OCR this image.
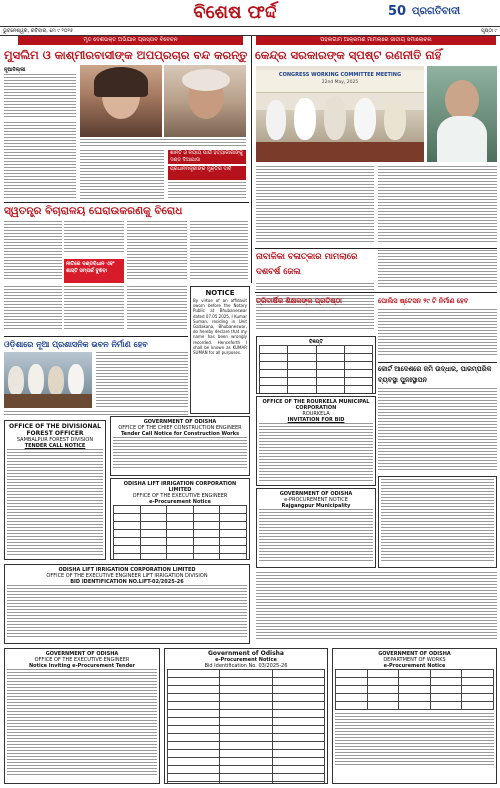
ବିଶେଷ ଫର୍ଦ୍ଦ	50 ପ୍ରଗତିବାଦୀ
ଭୁବନେଶ୍ୱର, ରବିବାର, ମେ ୯ ୨୦୨୫	ପୃଷ୍ଠା ୯
ମୃତ ଦେଶଭକ୍ତ ଅଭିଯାନ ପ୍ରସ୍ତାବ ବିବେଚନ	ପହଲଗାମ ଆକ୍ରମଣ ମାମଲାରେ ଜାତୀୟ ସମାଲୋଚନା
ମୁସଲିମ ଓ କାଶ୍ମୀରବାସୀଙ୍କ ଅପପ୍ରଚାର ବନ୍ଦ କରନ୍ତୁ କେନ୍ଦ୍ର ସରକାରଙ୍କ ସ୍ପଷ୍ଟ ରଣନୀତି ନାହିଁ
ନୂଆଦିଲ୍ଲୀ
ଶାନ୍ତି ଓ ନ୍ୟାୟ ପାଇଁ ହତ୍ୟାକାରୀଙ୍କୁ ଦଣ୍ଡ ଦିଆଯାଉ
ପ୍ରଧାନମନ୍ତ୍ରୀଙ୍କ ମୁକ୍ତିର ଦାବି
CONGRESS WORKING COMMITTEE MEETING
22nd May, 2025
ସ୍ୱତନ୍ତ୍ର ବିଚାରାଳୟ ଘେରାଉକରଣକୁ ବିରୋଧ
ନୀତିରେ ଦଣ୍ଡବିଧାନ ଏବଂ ଶାସ୍ତି ସମ୍ପର୍କ ବୁଝିବା
ନାବାଳିକା ବଳାତ୍କାର ମାମଲାରେ ଦଶବର୍ଷ ଜେଲ
NOTICE
By virtue of an affidavit sworn before the Notary Public at Bhubaneswar dated 07.05.2025, I Kumar Suman, residing in Unit Gadakana, Bhubaneswar, do hereby declare that my name has been wrongly recorded. Henceforth I shall be known as KUMAR SUMAN for all purposes.
ଓଡ଼ିଶାରେ ନୂଆ ପ୍ରଶାସନିକ ଭବନ ନିର୍ମାଣ ହେବ
ତ୍ରିବାର୍ଷିକ ଶିକ୍ଷକଙ୍କ ପ୍ରତିଷ୍ଠା	ପୋଲିସ ଷ୍ଟେସନ ୨୯ ଟି ନିର୍ମାଣ ହେବ
ବିଜ୍ଞପ୍ତି

OFFICE OF THE ROURKELA MUNICIPAL CORPORATION
ROURKELA
INVITATION FOR BID
କୋର୍ଟ ଆଦେଶରେ ଜମି ଉଦ୍ଧାର, ପାରମ୍ପରିକ ବ୍ୟବସ୍ଥା ପୁନଃସ୍ଥାପନ
GOVERNMENT OF ODISHA
OFFICE OF THE CHIEF CONSTRUCTION ENGINEER
Tender Call Notice for Construction Works
OFFICE OF THE DIVISIONAL FOREST OFFICER
SAMBALPUR FOREST DIVISION
TENDER CALL NOTICE
ODISHA LIFT IRRIGATION CORPORATION LIMITED
OFFICE OF THE EXECUTIVE ENGINEER
e-Procurement Notice

GOVERNMENT OF ODISHA
e-PROCUREMENT NOTICE
Rajgangpur Municipality
ODISHA LIFT IRRIGATION CORPORATION LIMITED
OFFICE OF THE EXECUTIVE ENGINEER LIFT IRRIGATION DIVISION
BID IDENTIFICATION NO.LIFT-02/2025-26
GOVERNMENT OF ODISHA
OFFICE OF THE EXECUTIVE ENGINEER
Notice Inviting e-Procurement Tender
Government of Odisha
e-Procurement Notice
Bid Identification No. 03/2025-26

GOVERNMENT OF ODISHA
DEPARTMENT OF WORKS
e-Procurement Notice
